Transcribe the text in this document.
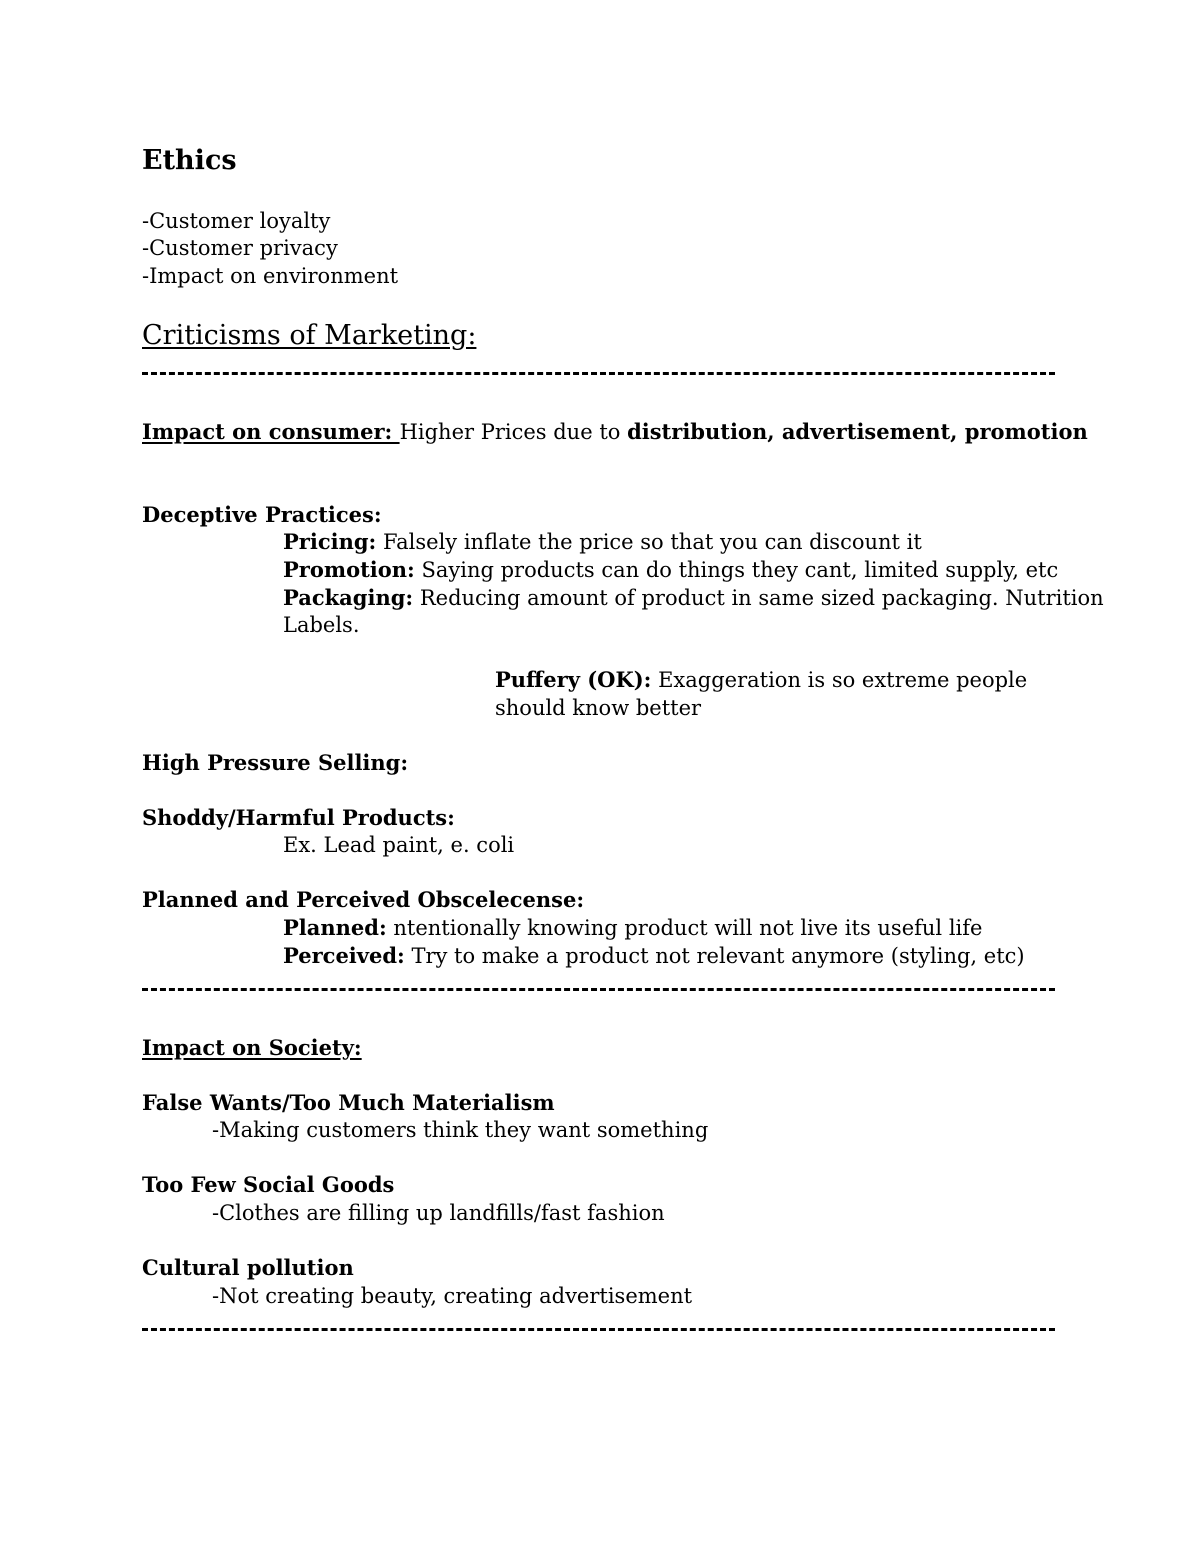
Ethics
-Customer loyalty
-Customer privacy
-Impact on environment
Criticisms of Marketing:
Impact on consumer: Higher Prices due to distribution, advertisement, promotion
Deceptive Practices:
Pricing: Falsely inflate the price so that you can discount it
Promotion: Saying products can do things they cant, limited supply, etc
Packaging: Reducing amount of product in same sized packaging. Nutrition
Labels.
Puffery (OK): Exaggeration is so extreme people
should know better
High Pressure Selling:
Shoddy/Harmful Products:
Ex. Lead paint, e. coli
Planned and Perceived Obscelecense:
Planned: ntentionally knowing product will not live its useful life
Perceived: Try to make a product not relevant anymore (styling, etc)
Impact on Society:
False Wants/Too Much Materialism
-Making customers think they want something
Too Few Social Goods
-Clothes are filling up landfills/fast fashion
Cultural pollution
-Not creating beauty, creating advertisement
